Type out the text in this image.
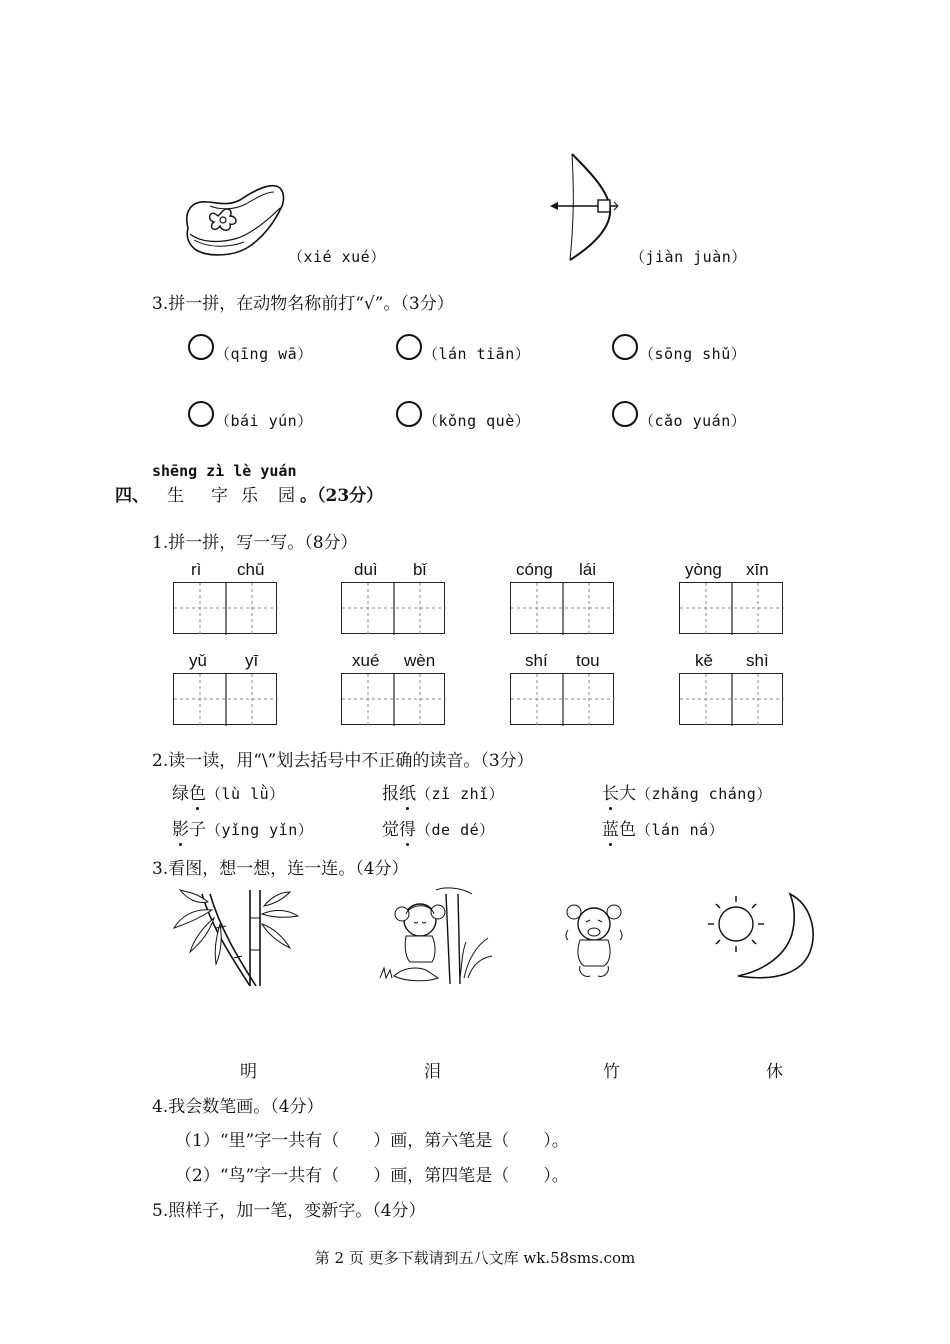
（xié xué）	（jiàn juàn）
3.拼一拼，在动物名称前打“√”。（3分）
（qīng wā）	（lán tiān）	（sōng shǔ）
（bái yún）	（kǒng què）	（cǎo yuán）
shēng zì lè yuán
四、 生 字 乐 园 。（23分）
1.拼一拼，写一写。（8分）
rì chū	duì bǐ	cóng lái	yòng xīn
yǔ yī	xué wèn	shí tou	kě shì
2.读一读，用“\”划去括号中不正确的读音。（3分）
绿色（lù lǜ）	报纸（zǐ zhǐ）	长大（zhǎng cháng）
影子（yǐng yǐn）	觉得（de dé）	蓝色（lán ná）
3.看图，想一想，连一连。（4分）
明	泪	竹	休
4.我会数笔画。（4分）
（1）“里”字一共有（　　）画，第六笔是（　　）。
（2）“鸟”字一共有（　　）画，第四笔是（　　）。
5.照样子，加一笔，变新字。（4分）
第 2 页 更多下载请到五八文库 wk.58sms.com
